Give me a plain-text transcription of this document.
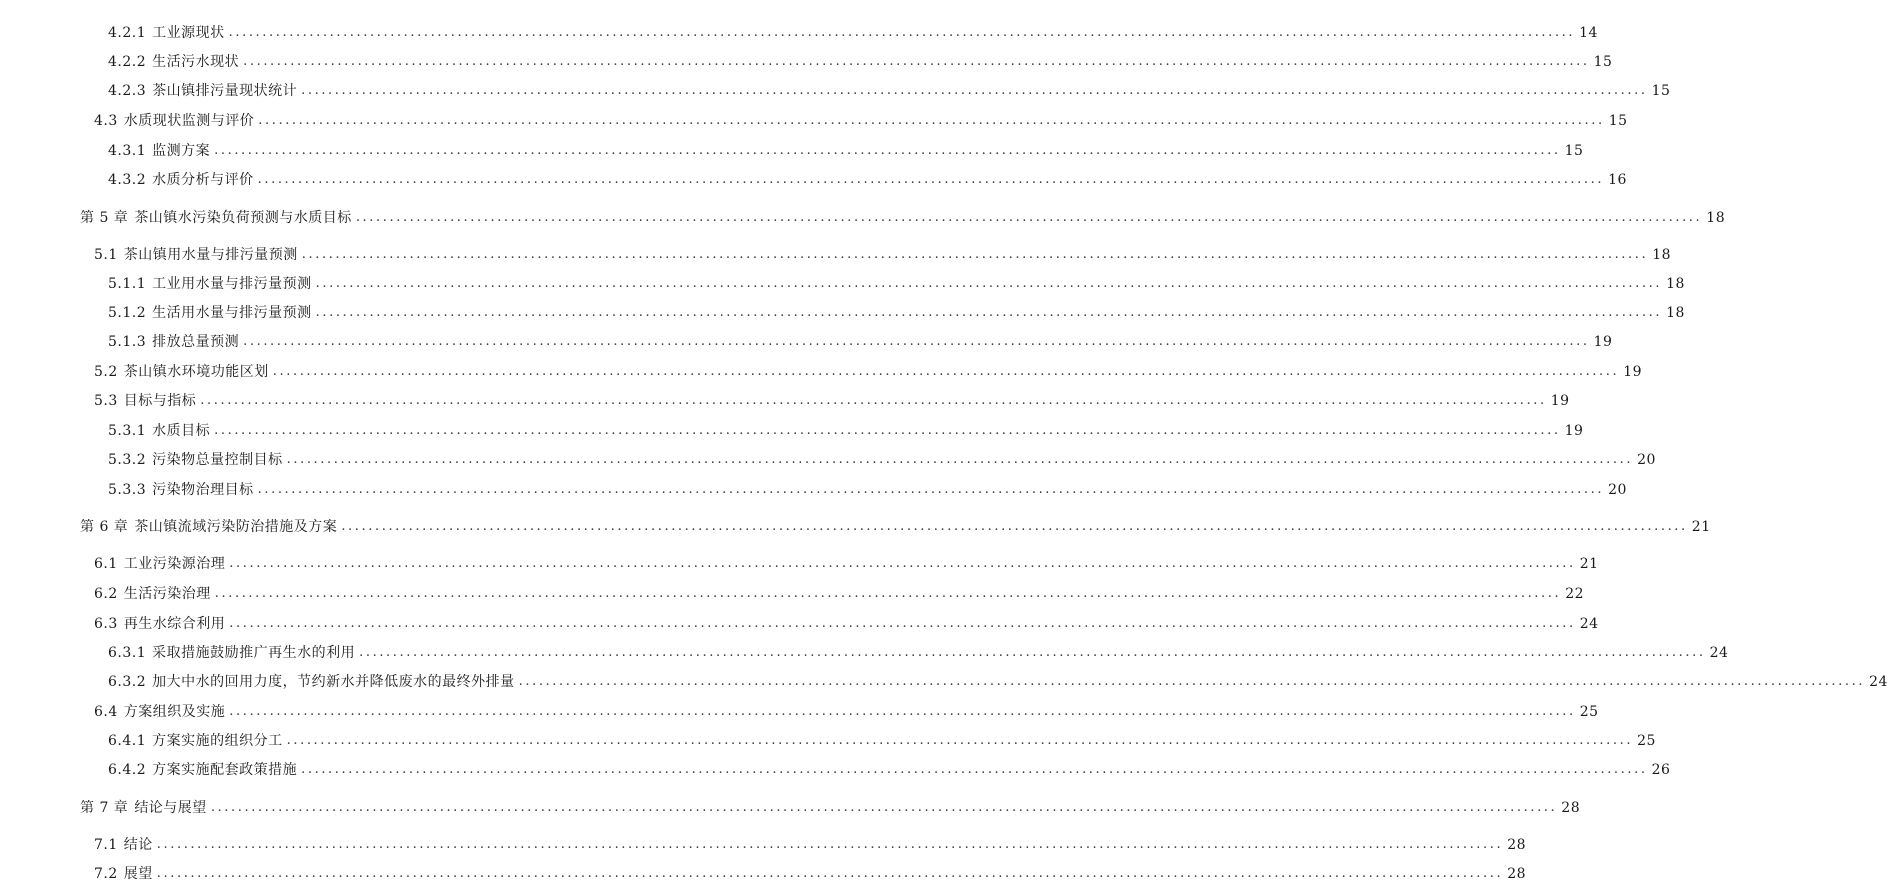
4.2.1 工业源现状 ........................................................................................................................................................................................................ 14
4.2.2 生活污水现状 ........................................................................................................................................................................................................ 15
4.2.3 茶山镇排污量现状统计 ........................................................................................................................................................................................................ 15
4.3 水质现状监测与评价 ........................................................................................................................................................................................................ 15
4.3.1 监测方案 ........................................................................................................................................................................................................ 15
4.3.2 水质分析与评价 ........................................................................................................................................................................................................ 16
第 5 章 茶山镇水污染负荷预测与水质目标 ........................................................................................................................................................................................................ 18
5.1 茶山镇用水量与排污量预测 ........................................................................................................................................................................................................ 18
5.1.1 工业用水量与排污量预测 ........................................................................................................................................................................................................ 18
5.1.2 生活用水量与排污量预测 ........................................................................................................................................................................................................ 18
5.1.3 排放总量预测 ........................................................................................................................................................................................................ 19
5.2 茶山镇水环境功能区划 ........................................................................................................................................................................................................ 19
5.3 目标与指标 ........................................................................................................................................................................................................ 19
5.3.1 水质目标 ........................................................................................................................................................................................................ 19
5.3.2 污染物总量控制目标 ........................................................................................................................................................................................................ 20
5.3.3 污染物治理目标 ........................................................................................................................................................................................................ 20
第 6 章 茶山镇流域污染防治措施及方案 ........................................................................................................................................................................................................ 21
6.1 工业污染源治理 ........................................................................................................................................................................................................ 21
6.2 生活污染治理 ........................................................................................................................................................................................................ 22
6.3 再生水综合利用 ........................................................................................................................................................................................................ 24
6.3.1 采取措施鼓励推广再生水的利用 ........................................................................................................................................................................................................ 24
6.3.2 加大中水的回用力度，节约新水并降低废水的最终外排量 ........................................................................................................................................................................................................ 24
6.4 方案组织及实施 ........................................................................................................................................................................................................ 25
6.4.1 方案实施的组织分工 ........................................................................................................................................................................................................ 25
6.4.2 方案实施配套政策措施 ........................................................................................................................................................................................................ 26
第 7 章 结论与展望 ........................................................................................................................................................................................................ 28
7.1 结论 ........................................................................................................................................................................................................ 28
7.2 展望 ........................................................................................................................................................................................................ 28
